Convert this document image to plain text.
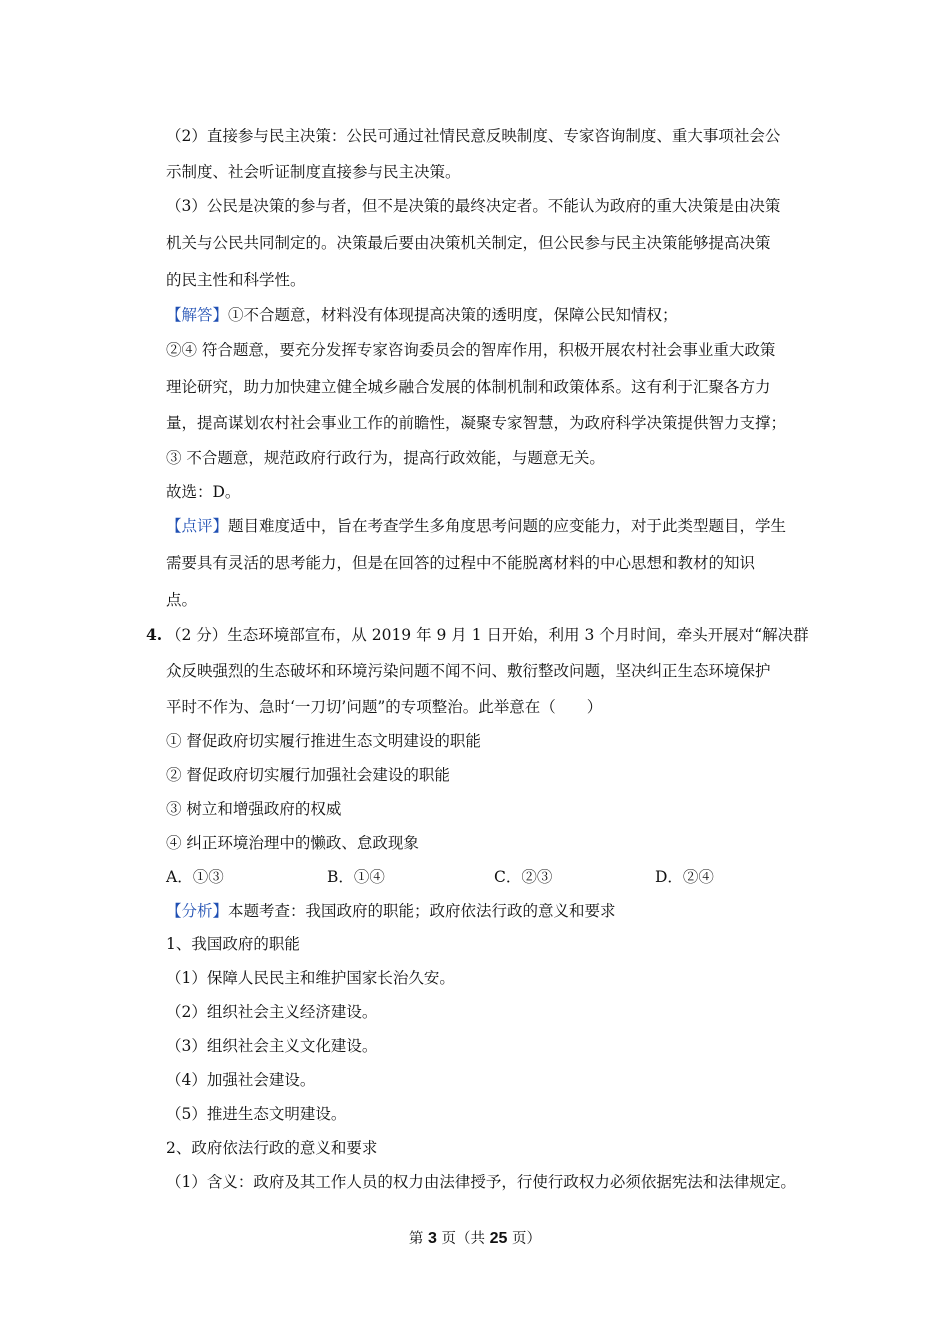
（2）直接参与民主决策：公民可通过社情民意反映制度、专家咨询制度、重大事项社会公
示制度、社会听证制度直接参与民主决策。
（3）公民是决策的参与者，但不是决策的最终决定者。不能认为政府的重大决策是由决策
机关与公民共同制定的。决策最后要由决策机关制定，但公民参与民主决策能够提高决策
的民主性和科学性。
【解答】①不合题意，材料没有体现提高决策的透明度，保障公民知情权；
②④ 符合题意，要充分发挥专家咨询委员会的智库作用，积极开展农村社会事业重大政策
理论研究，助力加快建立健全城乡融合发展的体制机制和政策体系。这有利于汇聚各方力
量，提高谋划农村社会事业工作的前瞻性，凝聚专家智慧，为政府科学决策提供智力支撑；
③ 不合题意，规范政府行政行为，提高行政效能，与题意无关。
故选：D。
【点评】题目难度适中，旨在考查学生多角度思考问题的应变能力，对于此类型题目，学生
需要具有灵活的思考能力，但是在回答的过程中不能脱离材料的中心思想和教材的知识
点。
4. （2 分）生态环境部宣布，从 2019 年 9 月 1 日开始，利用 3 个月时间，牵头开展对“解决群
众反映强烈的生态破坏和环境污染问题不闻不问、敷衍整改问题，坚决纠正生态环境保护
平时不作为、急时‘一刀切’问题”的专项整治。此举意在（　　）
① 督促政府切实履行推进生态文明建设的职能
② 督促政府切实履行加强社会建设的职能
③ 树立和增强政府的权威
④ 纠正环境治理中的懒政、怠政现象
A．①③	B．①④	C．②③	D．②④
【分析】本题考查：我国政府的职能；政府依法行政的意义和要求
1、我国政府的职能
（1）保障人民民主和维护国家长治久安。
（2）组织社会主义经济建设。
（3）组织社会主义文化建设。
（4）加强社会建设。
（5）推进生态文明建设。
2、政府依法行政的意义和要求
（1）含义：政府及其工作人员的权力由法律授予，行使行政权力必须依据宪法和法律规定。
第 3 页（共 25 页）
